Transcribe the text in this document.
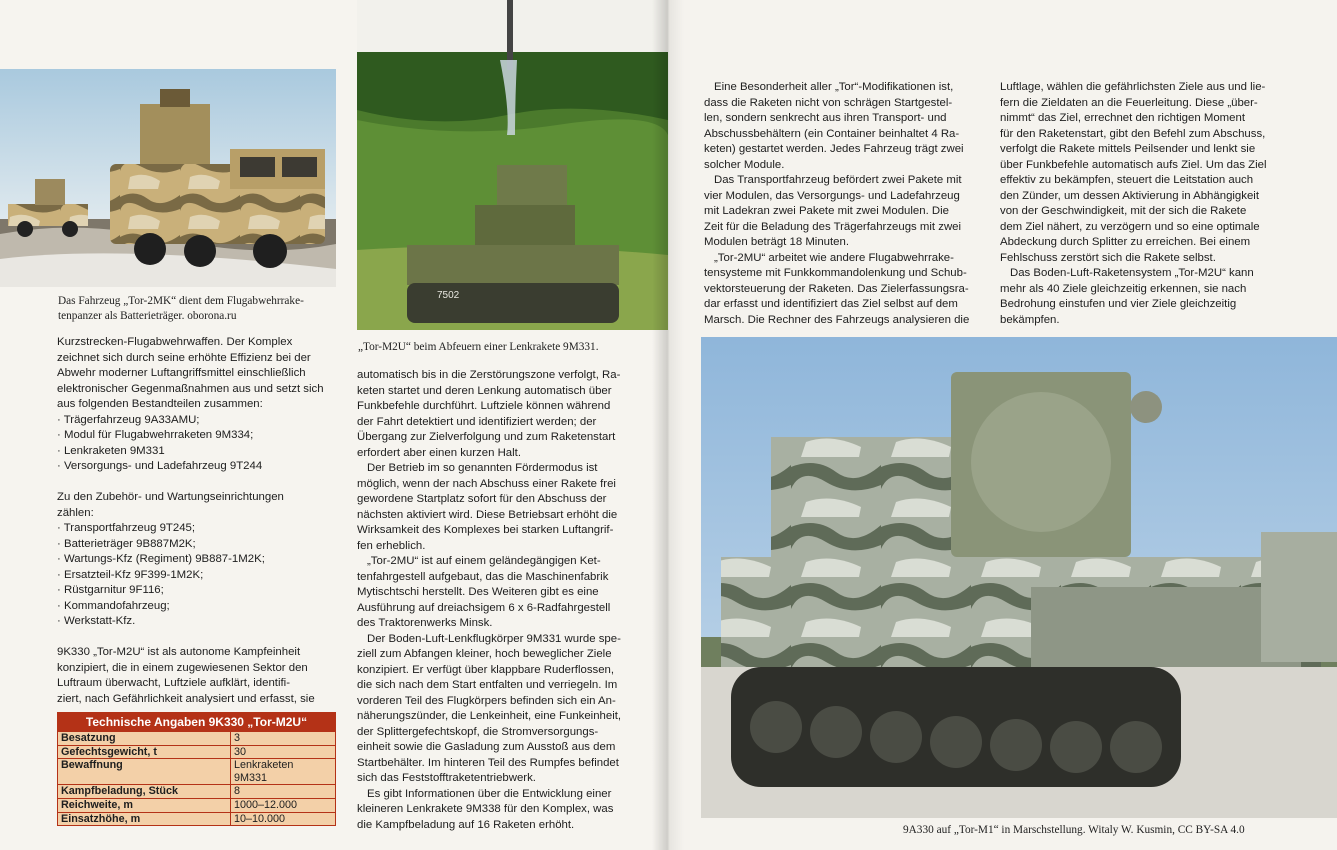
7502
Das Fahrzeug „Tor-2MK“ dient dem Flugabwehrrake-
tenpanzer als Batterieträger. oborona.ru
„Tor-M2U“ beim Abfeuern einer Lenkrakete 9M331.
9A330 auf „Tor-M1“ in Marschstellung. Witaly W. Kusmin, CC BY-SA 4.0

Kurzstrecken-Flugabwehrwaffen. Der Komplex

zeichnet sich durch seine erhöhte Effizienz bei der

Abwehr moderner Luftangriffsmittel einschließlich

elektronischer Gegenmaßnahmen aus und setzt sich

aus folgenden Bestandteilen zusammen:

· Trägerfahrzeug 9A33AMU;
· Modul für Flugabwehrraketen 9M334;
· Lenkraketen 9M331
· Versorgungs- und Ladefahrzeug 9T244

Zu den Zubehör- und Wartungseinrichtungen

zählen:

· Transportfahrzeug 9T245;
· Batterieträger 9B887M2K;
· Wartungs-Kfz (Regiment) 9B887-1M2K;
· Ersatzteil-Kfz 9F399-1M2K;
· Rüstgarnitur 9F116;
· Kommandofahrzeug;
· Werkstatt-Kfz.

9K330 „Tor-M2U“ ist als autonome Kampfeinheit

konzipiert, die in einem zugewiesenen Sektor den

Luftraum überwacht, Luftziele aufklärt, identifi-

ziert, nach Gefährlichkeit analysiert und erfasst, sie

Technische Angaben 9K330 „Tor-M2U“
Besatzung	3

Gefechtsgewicht, t	30

Bewaffnung	Lenkraketen
9M331

Kampfbeladung, Stück	8

Reichweite, m	1000–12.000

Einsatzhöhe, m	10–10.000

automatisch bis in die Zerstörungszone verfolgt, Ra-

keten startet und deren Lenkung automatisch über

Funkbefehle durchführt. Luftziele können während

der Fahrt detektiert und identifiziert werden; der

Übergang zur Zielverfolgung und zum Raketenstart

erfordert aber einen kurzen Halt.

Der Betrieb im so genannten Fördermodus ist

möglich, wenn der nach Abschuss einer Rakete frei

gewordene Startplatz sofort für den Abschuss der

nächsten aktiviert wird. Diese Betriebsart erhöht die

Wirksamkeit des Komplexes bei starken Luftangrif-

fen erheblich.

„Tor-2MU“ ist auf einem geländegängigen Ket-

tenfahrgestell aufgebaut, das die Maschinenfabrik

Mytischtschi herstellt. Des Weiteren gibt es eine

Ausführung auf dreiachsigem 6 x 6-Radfahrgestell

des Traktorenwerks Minsk.

Der Boden-Luft-Lenkflugkörper 9M331 wurde spe-

ziell zum Abfangen kleiner, hoch beweglicher Ziele

konzipiert. Er verfügt über klappbare Ruderflossen,

die sich nach dem Start entfalten und verriegeln. Im

vorderen Teil des Flugkörpers befinden sich ein An-

näherungszünder, die Lenkeinheit, eine Funkeinheit,

der Splittergefechtskopf, die Stromversorgungs-

einheit sowie die Gasladung zum Ausstoß aus dem

Startbehälter. Im hinteren Teil des Rumpfes befindet

sich das Feststofftraketentriebwerk.

Es gibt Informationen über die Entwicklung einer

kleineren Lenkrakete 9M338 für den Komplex, was

die Kampfbeladung auf 16 Raketen erhöht.

Eine Besonderheit aller „Tor“-Modifikationen ist,

dass die Raketen nicht von schrägen Startgestel-

len, sondern senkrecht aus ihren Transport- und

Abschussbehältern (ein Container beinhaltet 4 Ra-

keten) gestartet werden. Jedes Fahrzeug trägt zwei

solcher Module.

Das Transportfahrzeug befördert zwei Pakete mit

vier Modulen, das Versorgungs- und Ladefahrzeug

mit Ladekran zwei Pakete mit zwei Modulen. Die

Zeit für die Beladung des Trägerfahrzeugs mit zwei

Modulen beträgt 18 Minuten.

„Tor-2MU“ arbeitet wie andere Flugabwehrrake-

tensysteme mit Funkkommandolenkung und Schub-

vektorsteuerung der Raketen. Das Zielerfassungsra-

dar erfasst und identifiziert das Ziel selbst auf dem

Marsch. Die Rechner des Fahrzeugs analysieren die

Luftlage, wählen die gefährlichsten Ziele aus und lie-

fern die Zieldaten an die Feuerleitung. Diese „über-

nimmt“ das Ziel, errechnet den richtigen Moment

für den Raketenstart, gibt den Befehl zum Abschuss,

verfolgt die Rakete mittels Peilsender und lenkt sie

über Funkbefehle automatisch aufs Ziel. Um das Ziel

effektiv zu bekämpfen, steuert die Leitstation auch

den Zünder, um dessen Aktivierung in Abhängigkeit

von der Geschwindigkeit, mit der sich die Rakete

dem Ziel nähert, zu verzögern und so eine optimale

Abdeckung durch Splitter zu erreichen. Bei einem

Fehlschuss zerstört sich die Rakete selbst.

Das Boden-Luft-Raketensystem „Tor-M2U“ kann

mehr als 40 Ziele gleichzeitig erkennen, sie nach

Bedrohung einstufen und vier Ziele gleichzeitig

bekämpfen.
